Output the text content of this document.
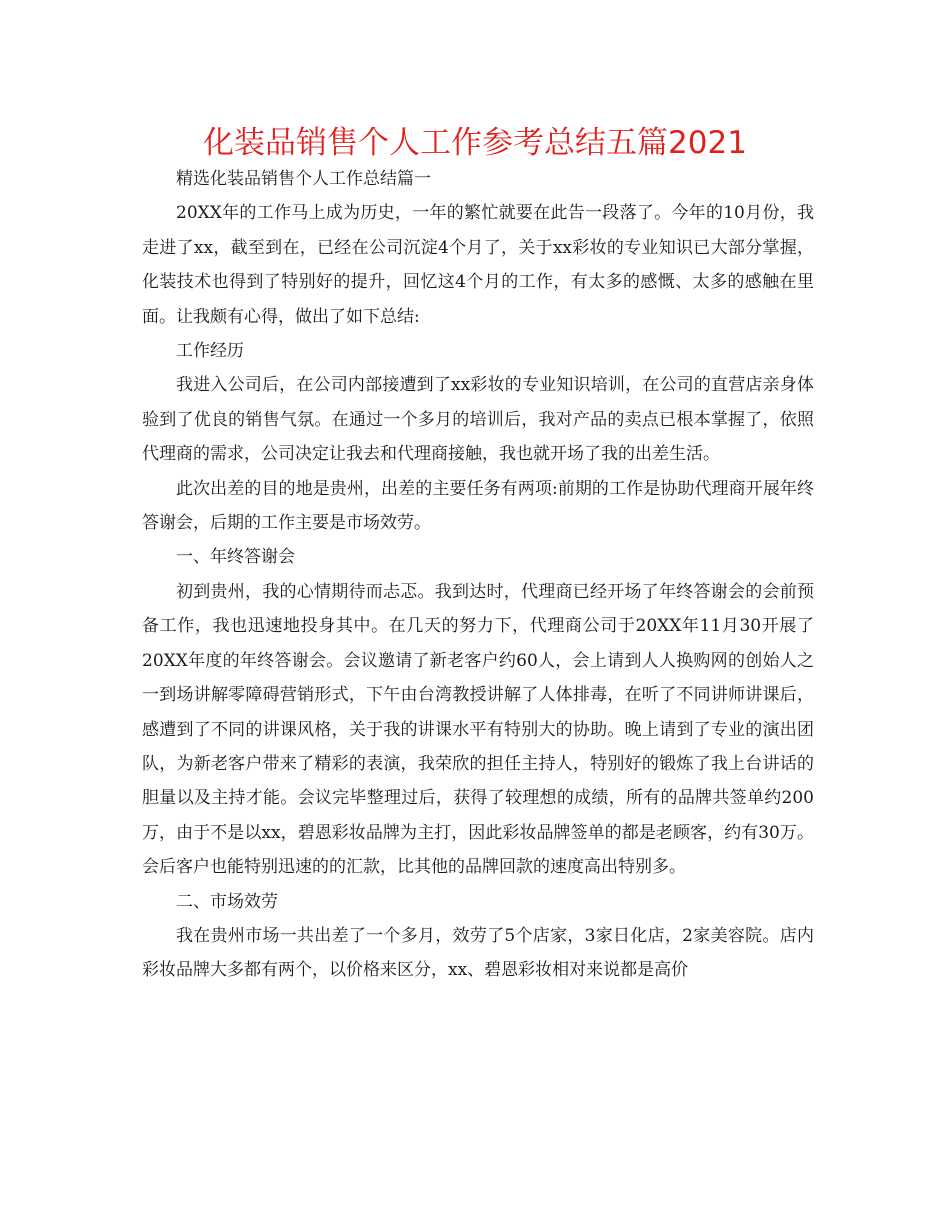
化装品销售个人工作参考总结五篇2021

精选化装品销售个人工作总结篇一

20XX年的工作马上成为历史，一年的繁忙就要在此告一段落了。今年的10月份，我走进了xx，截至到在，已经在公司沉淀4个月了，关于xx彩妆的专业知识已大部分掌握，化装技术也得到了特别好的提升，回忆这4个月的工作，有太多的感慨、太多的感触在里面。让我颇有心得，做出了如下总结:

工作经历

我进入公司后，在公司内部接遭到了xx彩妆的专业知识培训，在公司的直营店亲身体验到了优良的销售气氛。在通过一个多月的培训后，我对产品的卖点已根本掌握了，依照代理商的需求，公司决定让我去和代理商接触，我也就开场了我的出差生活。

此次出差的目的地是贵州，出差的主要任务有两项:前期的工作是协助代理商开展年终答谢会，后期的工作主要是市场效劳。

一、年终答谢会

初到贵州，我的心情期待而忐忑。我到达时，代理商已经开场了年终答谢会的会前预备工作，我也迅速地投身其中。在几天的努力下，代理商公司于20XX年11月30开展了20XX年度的年终答谢会。会议邀请了新老客户约60人，会上请到人人换购网的创始人之一到场讲解零障碍营销形式，下午由台湾教授讲解了人体排毒，在听了不同讲师讲课后，感遭到了不同的讲课风格，关于我的讲课水平有特别大的协助。晚上请到了专业的演出团队，为新老客户带来了精彩的表演，我荣欣的担任主持人，特别好的锻炼了我上台讲话的胆量以及主持才能。会议完毕整理过后，获得了较理想的成绩，所有的品牌共签单约200万，由于不是以xx，碧恩彩妆品牌为主打，因此彩妆品牌签单的都是老顾客，约有30万。会后客户也能特别迅速的的汇款，比其他的品牌回款的速度高出特别多。

二、市场效劳

我在贵州市场一共出差了一个多月，效劳了5个店家，3家日化店，2家美容院。店内彩妆品牌大多都有两个，以价格来区分，xx、碧恩彩妆相对来说都是高价
